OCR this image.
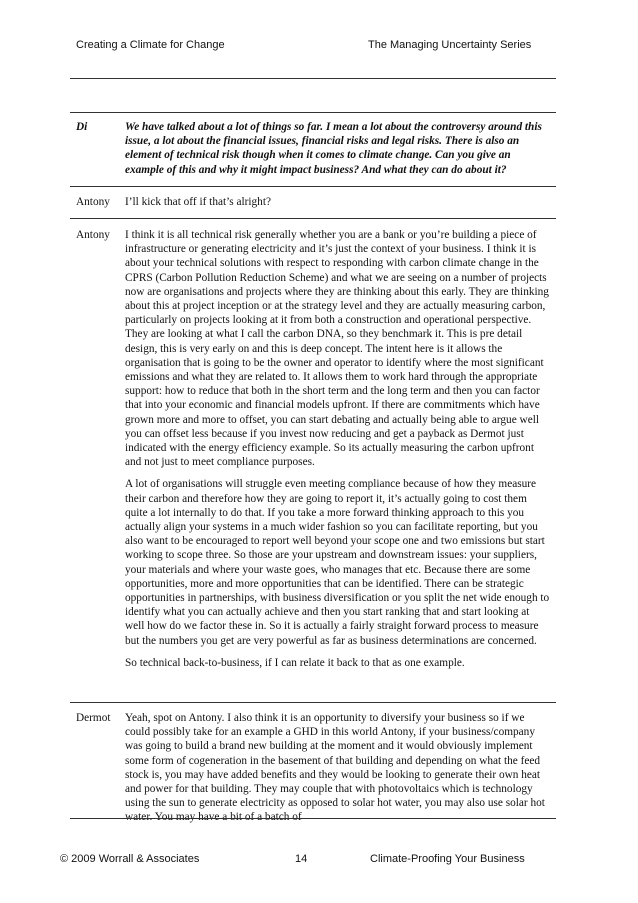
Creating a Climate for Change	The Managing Uncertainty Series
Di	We have talked about a lot of things so far. I mean a lot about the controversy around this issue, a lot about the financial issues, financial risks and legal risks. There is also an element of technical risk though when it comes to climate change. Can you give an example of this and why it might impact business? And what they can do about it?

Antony	I’ll kick that off if that’s alright?

Antony	I think it is all technical risk generally whether you are a bank or you’re building a piece of infrastructure or generating electricity and it’s just the context of your business. I think it is about your technical solutions with respect to responding with carbon climate change in the CPRS (Carbon Pollution Reduction Scheme) and what we are seeing on a number of projects now are organisations and projects where they are thinking about this early. They are thinking about this at project inception or at the strategy level and they are actually measuring carbon, particularly on projects looking at it from both a construction and operational perspective. They are looking at what I call the carbon DNA, so they benchmark it. This is pre detail design, this is very early on and this is deep concept. The intent here is it allows the organisation that is going to be the owner and operator to identify where the most significant emissions and what they are related to. It allows them to work hard through the appropriate support: how to reduce that both in the short term and the long term and then you can factor that into your economic and financial models upfront. If there are commitments which have grown more and more to offset, you can start debating and actually being able to argue well you can offset less because if you invest now reducing and get a payback as Dermot just indicated with the energy efficiency example. So its actually measuring the carbon upfront and not just to meet compliance purposes.

A lot of organisations will struggle even meeting compliance because of how they measure their carbon and therefore how they are going to report it, it’s actually going to cost them quite a lot internally to do that. If you take a more forward thinking approach to this you actually align your systems in a much wider fashion so you can facilitate reporting, but you also want to be encouraged to report well beyond your scope one and two emissions but start working to scope three. So those are your upstream and downstream issues: your suppliers, your materials and where your waste goes, who manages that etc. Because there are some opportunities, more and more opportunities that can be identified. There can be strategic opportunities in partnerships, with business diversification or you split the net wide enough to identify what you can actually achieve and then you start ranking that and start looking at well how do we factor these in. So it is actually a fairly straight forward process to measure but the numbers you get are very powerful as far as business determinations are concerned.

So technical back-to-business, if I can relate it back to that as one example.

Dermot	Yeah, spot on Antony. I also think it is an opportunity to diversify your business so if we could possibly take for an example a GHD in this world Antony, if your business/company was going to build a brand new building at the moment and it would obviously implement some form of cogeneration in the basement of that building and depending on what the feed stock is, you may have added benefits and they would be looking to generate their own heat and power for that building. They may couple that with photovoltaics which is technology using the sun to generate electricity as opposed to solar hot water, you may also use solar hot water. You may have a bit of a batch of

© 2009 Worrall & Associates	14	Climate-Proofing Your Business
